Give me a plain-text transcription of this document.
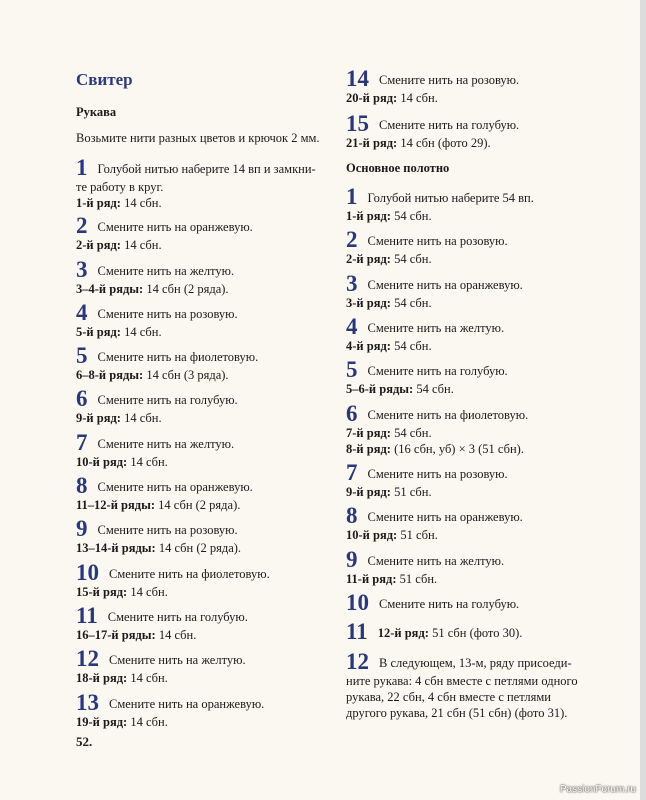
Свитер
Рукава
Возьмите нити разных цветов и крючок 2 мм.
1 Голубой нитью наберите 14 вп и замкни-
те работу в круг.
1-й ряд: 14 сбн.
2 Смените нить на оранжевую.
2-й ряд: 14 сбн.
3 Смените нить на желтую.
3–4-й ряды: 14 сбн (2 ряда).
4 Смените нить на розовую.
5-й ряд: 14 сбн.
5 Смените нить на фиолетовую.
6–8-й ряды: 14 сбн (3 ряда).
6 Смените нить на голубую.
9-й ряд: 14 сбн.
7 Смените нить на желтую.
10-й ряд: 14 сбн.
8 Смените нить на оранжевую.
11–12-й ряды: 14 сбн (2 ряда).
9 Смените нить на розовую.
13–14-й ряды: 14 сбн (2 ряда).
10 Смените нить на фиолетовую.
15-й ряд: 14 сбн.
11 Смените нить на голубую.
16–17-й ряды: 14 сбн.
12 Смените нить на желтую.
18-й ряд: 14 сбн.
13 Смените нить на оранжевую.
19-й ряд: 14 сбн.
52.
14 Смените нить на розовую.
20-й ряд: 14 сбн.
15 Смените нить на голубую.
21-й ряд: 14 сбн (фото 29).
Основное полотно
1 Голубой нитью наберите 54 вп.
1-й ряд: 54 сбн.
2 Смените нить на розовую.
2-й ряд: 54 сбн.
3 Смените нить на оранжевую.
3-й ряд: 54 сбн.
4 Смените нить на желтую.
4-й ряд: 54 сбн.
5 Смените нить на голубую.
5–6-й ряды: 54 сбн.
6 Смените нить на фиолетовую.
7-й ряд: 54 сбн.
8-й ряд: (16 сбн, уб) × 3 (51 сбн).
7 Смените нить на розовую.
9-й ряд: 51 сбн.
8 Смените нить на оранжевую.
10-й ряд: 51 сбн.
9 Смените нить на желтую.
11-й ряд: 51 сбн.
10 Смените нить на голубую.
11 12-й ряд: 51 сбн (фото 30).
12 В следующем, 13-м, ряду присоеди-
ните рукава: 4 сбн вместе с петлями одного рукава, 22 сбн, 4 сбн вместе с петлями другого рукава, 21 сбн (51 сбн) (фото 31).
PassionForum.ru
